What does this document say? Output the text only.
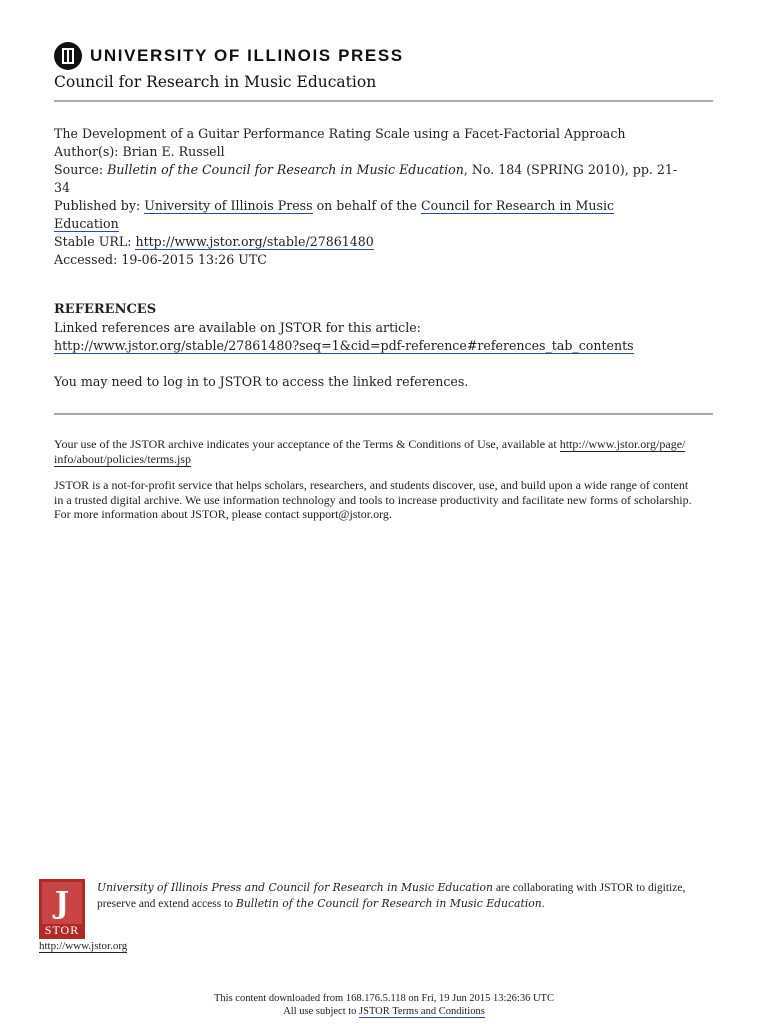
UNIVERSITY OF ILLINOIS PRESS
Council for Research in Music Education
The Development of a Guitar Performance Rating Scale using a Facet-Factorial Approach
Author(s): Brian E. Russell
Source: Bulletin of the Council for Research in Music Education, No. 184 (SPRING 2010), pp. 21-
34
Published by: University of Illinois Press on behalf of the Council for Research in Music
Education
Stable URL: http://www.jstor.org/stable/27861480
Accessed: 19-06-2015 13:26 UTC
REFERENCES
Linked references are available on JSTOR for this article:
http://www.jstor.org/stable/27861480?seq=1&cid=pdf-reference#references_tab_contents
You may need to log in to JSTOR to access the linked references.
Your use of the JSTOR archive indicates your acceptance of the Terms & Conditions of Use, available at http://www.jstor.org/page/
info/about/policies/terms.jsp
JSTOR is a not-for-profit service that helps scholars, researchers, and students discover, use, and build upon a wide range of content
in a trusted digital archive. We use information technology and tools to increase productivity and facilitate new forms of scholarship.
For more information about JSTOR, please contact support@jstor.org.
J
STOR
University of Illinois Press and Council for Research in Music Education are collaborating with JSTOR to digitize,
preserve and extend access to Bulletin of the Council for Research in Music Education.
http://www.jstor.org
This content downloaded from 168.176.5.118 on Fri, 19 Jun 2015 13:26:36 UTC
All use subject to JSTOR Terms and Conditions
